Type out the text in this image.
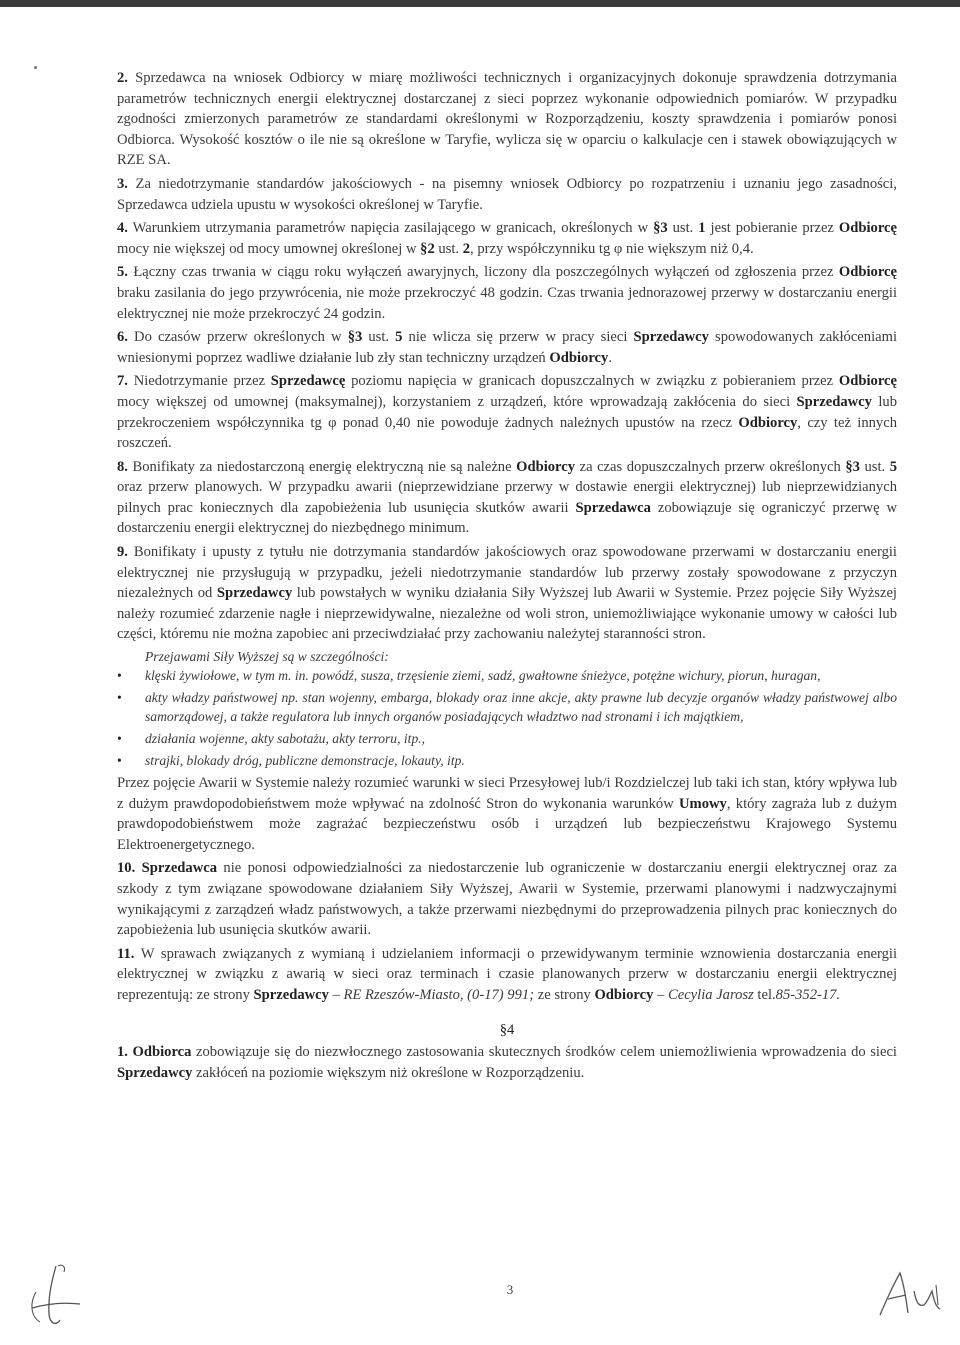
2. Sprzedawca na wniosek Odbiorcy w miarę możliwości technicznych i organizacyjnych dokonuje sprawdzenia dotrzymania parametrów technicznych energii elektrycznej dostarczanej z sieci poprzez wykonanie odpowiednich pomiarów. W przypadku zgodności zmierzonych parametrów ze standardami określonymi w Rozporządzeniu, koszty sprawdzenia i pomiarów ponosi Odbiorca. Wysokość kosztów o ile nie są określone w Taryfie, wylicza się w oparciu o kalkulacje cen i stawek obowiązujących w RZE SA.

3. Za niedotrzymanie standardów jakościowych - na pisemny wniosek Odbiorcy po rozpatrzeniu i uznaniu jego zasadności, Sprzedawca udziela upustu w wysokości określonej w Taryfie.

4. Warunkiem utrzymania parametrów napięcia zasilającego w granicach, określonych w §3 ust. 1 jest pobieranie przez Odbiorcę mocy nie większej od mocy umownej określonej w §2 ust. 2, przy współczynniku tg φ nie większym niż 0,4.

5. Łączny czas trwania w ciągu roku wyłączeń awaryjnych, liczony dla poszczególnych wyłączeń od zgłoszenia przez Odbiorcę braku zasilania do jego przywrócenia, nie może przekroczyć 48 godzin. Czas trwania jednorazowej przerwy w dostarczaniu energii elektrycznej nie może przekroczyć 24 godzin.

6. Do czasów przerw określonych w §3 ust. 5 nie wlicza się przerw w pracy sieci Sprzedawcy spowodowanych zakłóceniami wniesionymi poprzez wadliwe działanie lub zły stan techniczny urządzeń Odbiorcy.

7. Niedotrzymanie przez Sprzedawcę poziomu napięcia w granicach dopuszczalnych w związku z pobieraniem przez Odbiorcę mocy większej od umownej (maksymalnej), korzystaniem z urządzeń, które wprowadzają zakłócenia do sieci Sprzedawcy lub przekroczeniem współczynnika tg φ ponad 0,40 nie powoduje żadnych należnych upustów na rzecz Odbiorcy, czy też innych roszczeń.

8. Bonifikaty za niedostarczoną energię elektryczną nie są należne Odbiorcy za czas dopuszczalnych przerw określonych §3 ust. 5 oraz przerw planowych. W przypadku awarii (nieprzewidziane przerwy w dostawie energii elektrycznej) lub nieprzewidzianych pilnych prac koniecznych dla zapobieżenia lub usunięcia skutków awarii Sprzedawca zobowiązuje się ograniczyć przerwę w dostarczeniu energii elektrycznej do niezbędnego minimum.

9. Bonifikaty i upusty z tytułu nie dotrzymania standardów jakościowych oraz spowodowane przerwami w dostarczaniu energii elektrycznej nie przysługują w przypadku, jeżeli niedotrzymanie standardów lub przerwy zostały spowodowane z przyczyn niezależnych od Sprzedawcy lub powstałych w wyniku działania Siły Wyższej lub Awarii w Systemie. Przez pojęcie Siły Wyższej należy rozumieć zdarzenie nagłe i nieprzewidywalne, niezależne od woli stron, uniemożliwiające wykonanie umowy w całości lub części, któremu nie można zapobiec ani przeciwdziałać przy zachowaniu należytej staranności stron.

Przejawami Siły Wyższej są w szczególności:

• klęski żywiołowe, w tym m. in. powódź, susza, trzęsienie ziemi, sadź, gwałtowne śnieżyce, potężne wichury, piorun, huragan,
• akty władzy państwowej np. stan wojenny, embarga, blokady oraz inne akcje, akty prawne lub decyzje organów władzy państwowej albo samorządowej, a także regulatora lub innych organów posiadających władztwo nad stronami i ich majątkiem,
• działania wojenne, akty sabotażu, akty terroru, itp.,
• strajki, blokady dróg, publiczne demonstracje, lokauty, itp.

Przez pojęcie Awarii w Systemie należy rozumieć warunki w sieci Przesyłowej lub/i Rozdzielczej lub taki ich stan, który wpływa lub z dużym prawdopodobieństwem może wpływać na zdolność Stron do wykonania warunków Umowy, który zagraża lub z dużym prawdopodobieństwem może zagrażać bezpieczeństwu osób i urządzeń lub bezpieczeństwu Krajowego Systemu Elektroenergetycznego.

10. Sprzedawca nie ponosi odpowiedzialności za niedostarczenie lub ograniczenie w dostarczaniu energii elektrycznej oraz za szkody z tym związane spowodowane działaniem Siły Wyższej, Awarii w Systemie, przerwami planowymi i nadzwyczajnymi wynikającymi z zarządzeń władz państwowych, a także przerwami niezbędnymi do przeprowadzenia pilnych prac koniecznych do zapobieżenia lub usunięcia skutków awarii.

11. W sprawach związanych z wymianą i udzielaniem informacji o przewidywanym terminie wznowienia dostarczania energii elektrycznej w związku z awarią w sieci oraz terminach i czasie planowanych przerw w dostarczaniu energii elektrycznej reprezentują: ze strony Sprzedawcy – RE Rzeszów-Miasto, (0-17) 991; ze strony Odbiorcy – Cecylia Jarosz tel.85-352-17.

§4

1. Odbiorca zobowiązuje się do niezwłocznego zastosowania skutecznych środków celem uniemożliwienia wprowadzenia do sieci Sprzedawcy zakłóceń na poziomie większym niż określone w Rozporządzeniu.

3
